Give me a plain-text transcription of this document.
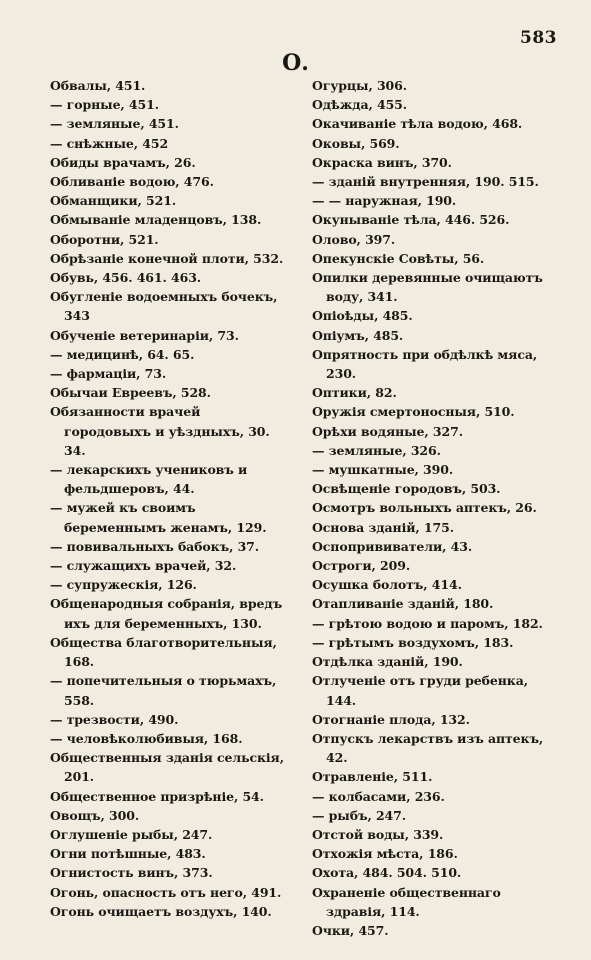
583
О.

Обвалы, 451.

— горные, 451.

— земляные, 451.

— снѣжные, 452

Обиды врачамъ, 26.

Обливаніе водою, 476.

Обманщики, 521.

Обмываніе младенцовъ, 138.

Оборотни, 521.

Обрѣзаніе конечной плоти, 532.

Обувь, 456. 461. 463.

Обугленіе водоемныхъ бочекъ, 343

Обученіе ветеринаріи, 73.

— медицинѣ, 64. 65.

— фармаціи, 73.

Обычаи Евреевъ, 528.

Обязанности врачей городовыхъ и уѣздныхъ, 30. 34.

— лекарскихъ учениковъ и фельдшеровъ, 44.

— мужей къ своимъ беременнымъ женамъ, 129.

— повивальныхъ бабокъ, 37.

— служащихъ врачей, 32.

— супружескія, 126.

Общенародныя собранія, вредъ ихъ для беременныхъ, 130.

Общества благотворительныя, 168.

— попечительныя о тюрьмахъ, 558.

— трезвости, 490.

— человѣколюбивыя, 168.

Общественныя зданія сельскія, 201.

Общественное призрѣніе, 54.

Овощъ, 300.

Оглушеніе рыбы, 247.

Огни потѣшные, 483.

Огнистость винъ, 373.

Огонь, опасность отъ него, 491.

Огонь очищаетъ воздухъ, 140.

Огурцы, 306.

Одѣжда, 455.

Окачиваніе тѣла водою, 468.

Оковы, 569.

Окраска винъ, 370.

— зданій внутренняя, 190. 515.

— — наружная, 190.

Окунываніе тѣла, 446. 526.

Олово, 397.

Опекунскіе Совѣты, 56.

Опилки деревянные очищаютъ воду, 341.

Опіоѣды, 485.

Опіумъ, 485.

Опрятность при обдѣлкѣ мяса, 230.

Оптики, 82.

Оружія смертоносныя, 510.

Орѣхи водяные, 327.

— земляные, 326.

— мушкатные, 390.

Освѣщеніе городовъ, 503.

Осмотръ вольныхъ аптекъ, 26.

Основа зданій, 175.

Оспопрививатели, 43.

Остроги, 209.

Осушка болотъ, 414.

Отапливаніе зданій, 180.

— грѣтою водою и паромъ, 182.

— грѣтымъ воздухомъ, 183.

Отдѣлка зданій, 190.

Отлученіе отъ груди ребенка, 144.

Отогнаніе плода, 132.

Отпускъ лекарствъ изъ аптекъ, 42.

Отравленіе, 511.

— колбасами, 236.

— рыбъ, 247.

Отстой воды, 339.

Отхожія мѣста, 186.

Охота, 484. 504. 510.

Охраненіе общественнаго здравія, 114.

Очки, 457.
